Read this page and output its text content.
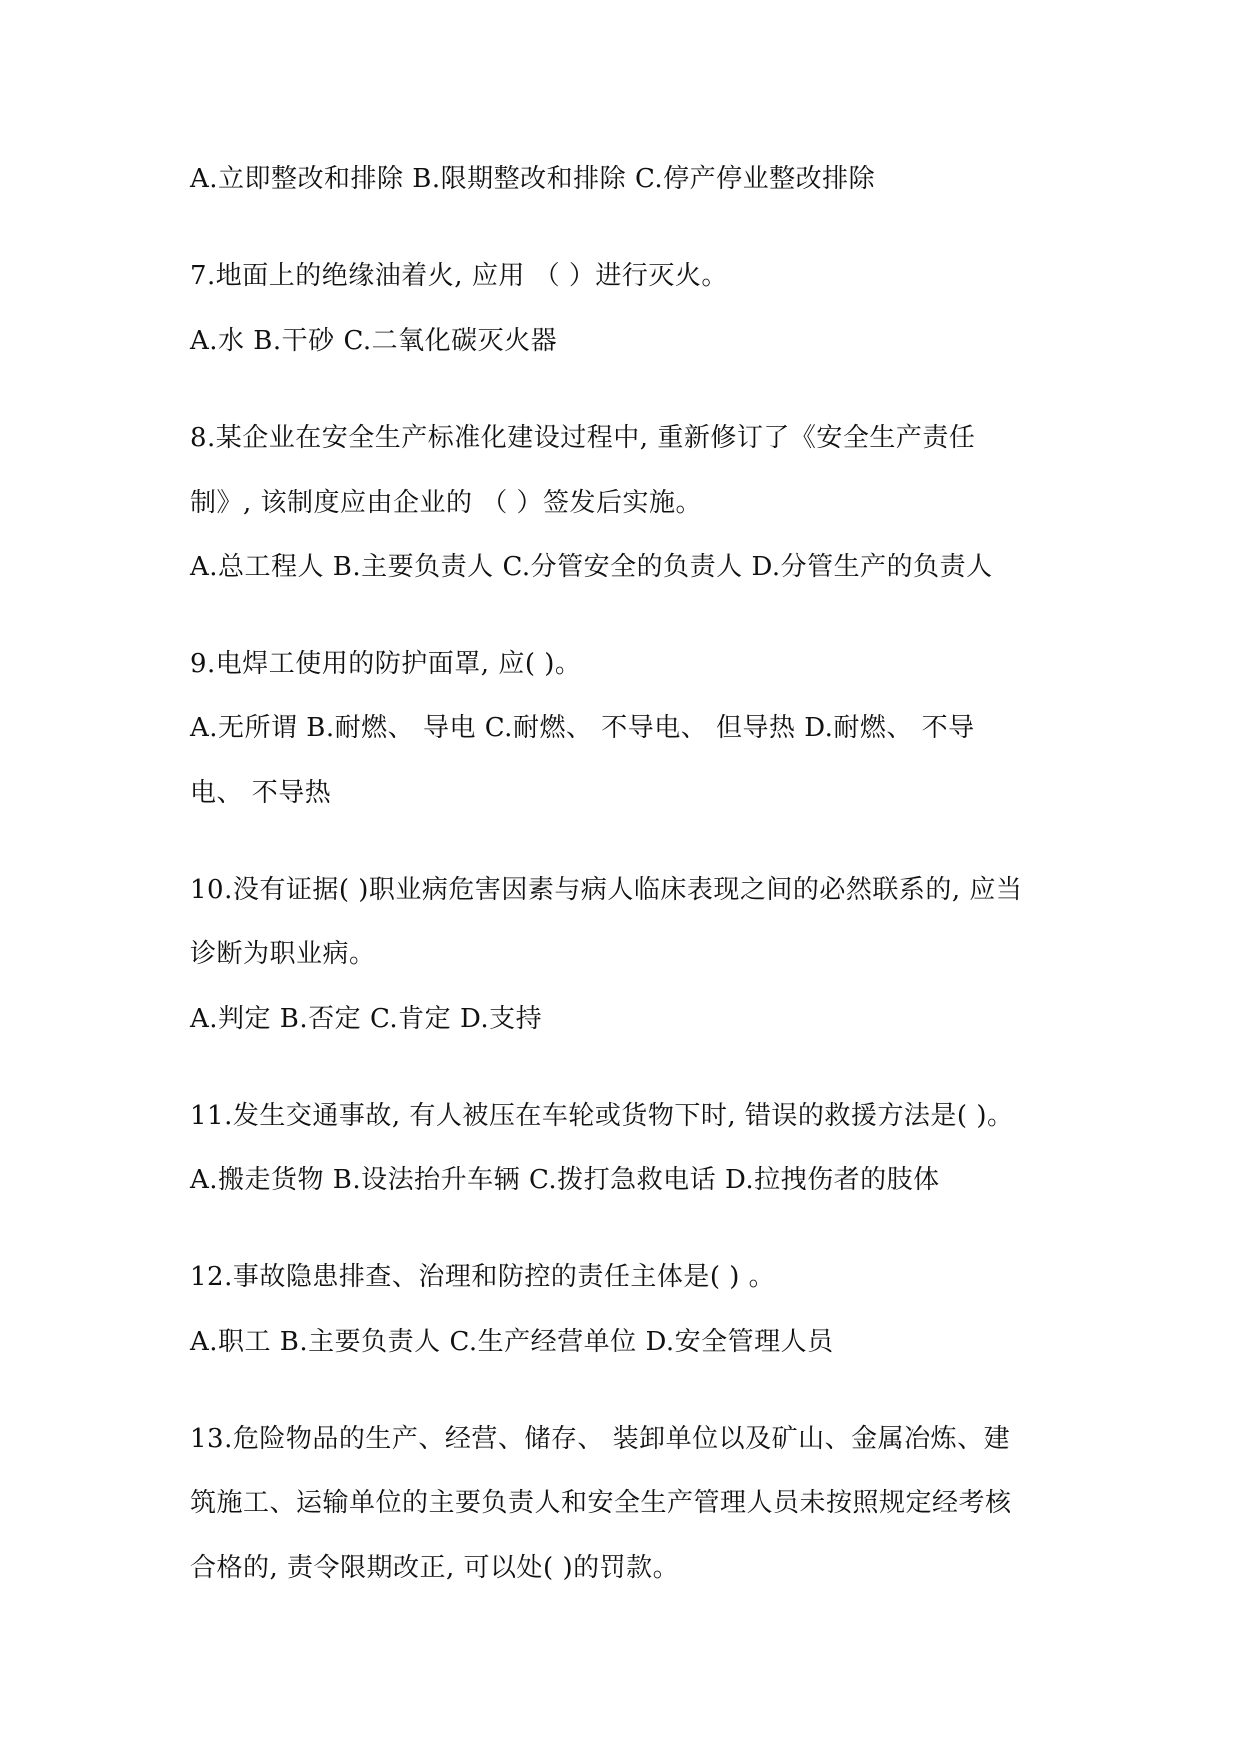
A.立即整改和排除 B.限期整改和排除 C.停产停业整改排除
7.地面上的绝缘油着火, 应用 （ ）进行灭火。
A.水 B.干砂 C.二氧化碳灭火器
8.某企业在安全生产标准化建设过程中, 重新修订了《安全生产责任
制》, 该制度应由企业的 （ ）签发后实施。
A.总工程人 B.主要负责人 C.分管安全的负责人 D.分管生产的负责人
9.电焊工使用的防护面罩, 应( )。
A.无所谓 B.耐燃、 导电 C.耐燃、 不导电、 但导热 D.耐燃、 不导
电、 不导热
10.没有证据( )职业病危害因素与病人临床表现之间的必然联系的, 应当
诊断为职业病。
A.判定 B.否定 C.肯定 D.支持
11.发生交通事故, 有人被压在车轮或货物下时, 错误的救援方法是( )。
A.搬走货物 B.设法抬升车辆 C.拨打急救电话 D.拉拽伤者的肢体
12.事故隐患排查、治理和防控的责任主体是( ) 。
A.职工 B.主要负责人 C.生产经营单位 D.安全管理人员
13.危险物品的生产、经营、储存、 装卸单位以及矿山、金属冶炼、建
筑施工、运输单位的主要负责人和安全生产管理人员未按照规定经考核
合格的, 责令限期改正, 可以处( )的罚款。
